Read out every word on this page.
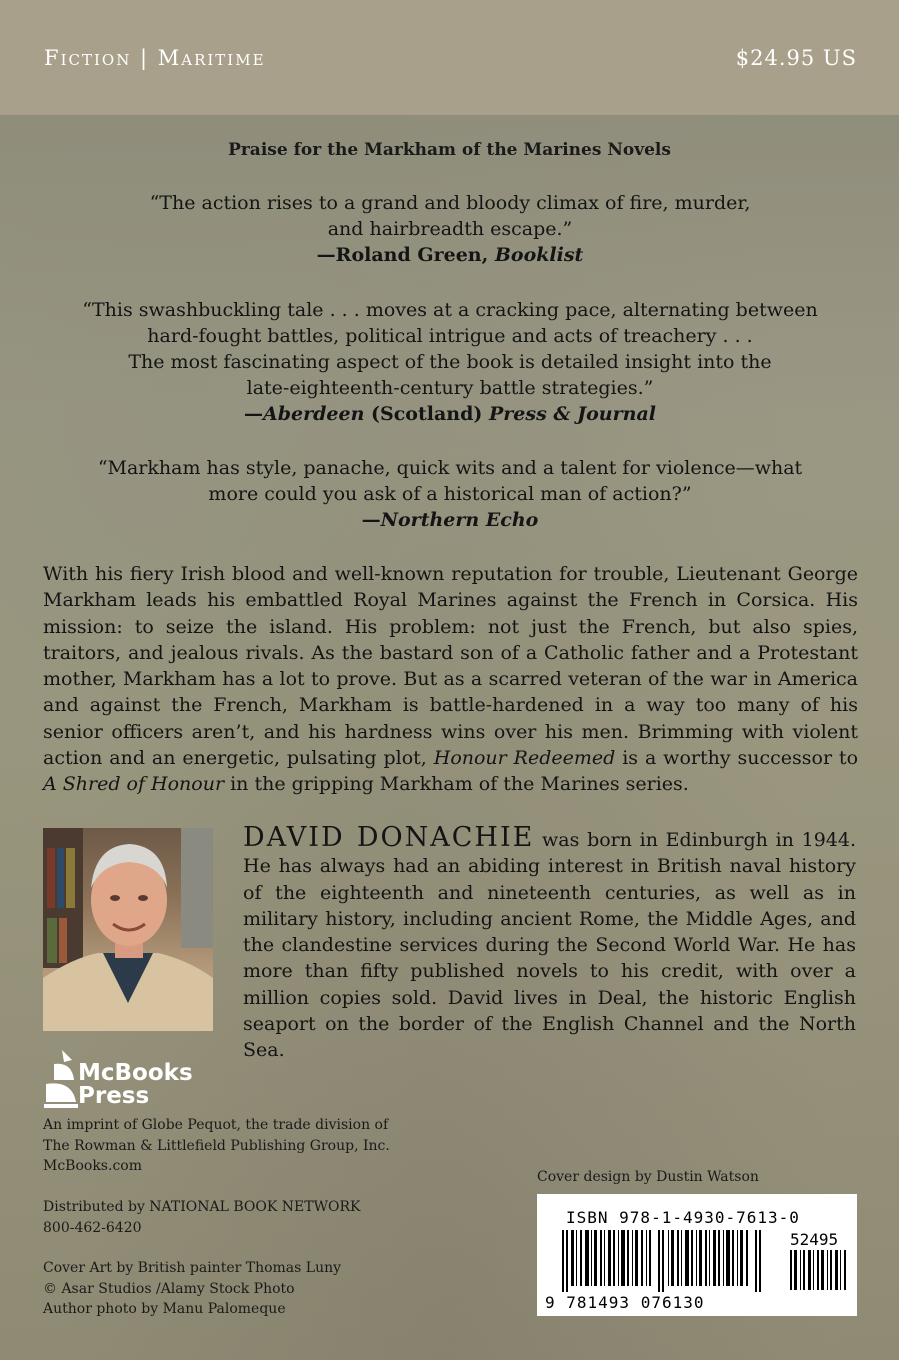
Fiction | Maritime	$24.95 US
Praise for the Markham of the Marines Novels
“The action rises to a grand and bloody climax of fire, murder,
and hairbreadth escape.”
—Roland Green, Booklist
“This swashbuckling tale . . . moves at a cracking pace, alternating between
hard-fought battles, political intrigue and acts of treachery . . .
The most fascinating aspect of the book is detailed insight into the
late-eighteenth-century battle strategies.”
—Aberdeen (Scotland) Press & Journal
“Markham has style, panache, quick wits and a talent for violence—what
more could you ask of a historical man of action?”
—Northern Echo
With his fiery Irish blood and well-known reputation for trouble, Lieutenant George Markham leads his embattled Royal Marines against the French in Corsica. His mission: to seize the island. His problem: not just the French, but also spies, traitors, and jealous rivals. As the bastard son of a Catholic father and a Protestant mother, Markham has a lot to prove. But as a scarred veteran of the war in America and against the French, Markham is battle-hardened in a way too many of his senior officers aren’t, and his hardness wins over his men. Brimming with violent action and an energetic, pulsating plot, Honour Redeemed is a worthy successor to A Shred of Honour in the gripping Markham of the Marines series.
DAVID DONACHIE was born in Edinburgh in 1944. He has always had an abiding interest in British naval history of the eighteenth and nineteenth centuries, as well as in military history, including ancient Rome, the Middle Ages, and the clandestine services during the Second World War. He has more than fifty published novels to his credit, with over a million copies sold. David lives in Deal, the historic English seaport on the border of the English Channel and the North Sea.
McBooks
Press
An imprint of Globe Pequot, the trade division of
The Rowman & Littlefield Publishing Group, Inc.
McBooks.com
Distributed by NATIONAL BOOK NETWORK
800-462-6420
Cover Art by British painter Thomas Luny
© Asar Studios /Alamy Stock Photo
Author photo by Manu Palomeque
Cover design by Dustin Watson
ISBN 978-1-4930-7613-0
52495
9 781493 076130
